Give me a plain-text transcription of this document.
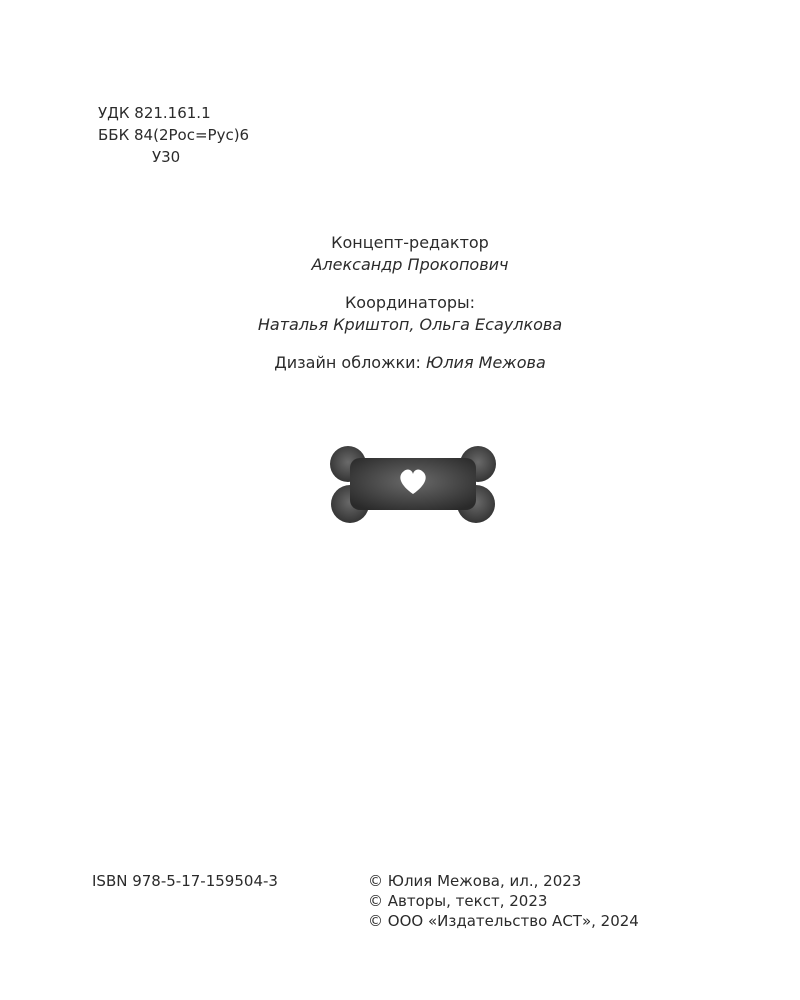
УДК 821.161.1
ББК 84(2Рос=Рус)6
У30
Концепт-редактор
Александр Прокопович
Координаторы:
Наталья Криштоп, Ольга Есаулкова
Дизайн обложки: Юлия Межова
ISBN 978-5-17-159504-3	© Юлия Межова, ил., 2023
© Авторы, текст, 2023
© ООО «Издательство АСТ», 2024
